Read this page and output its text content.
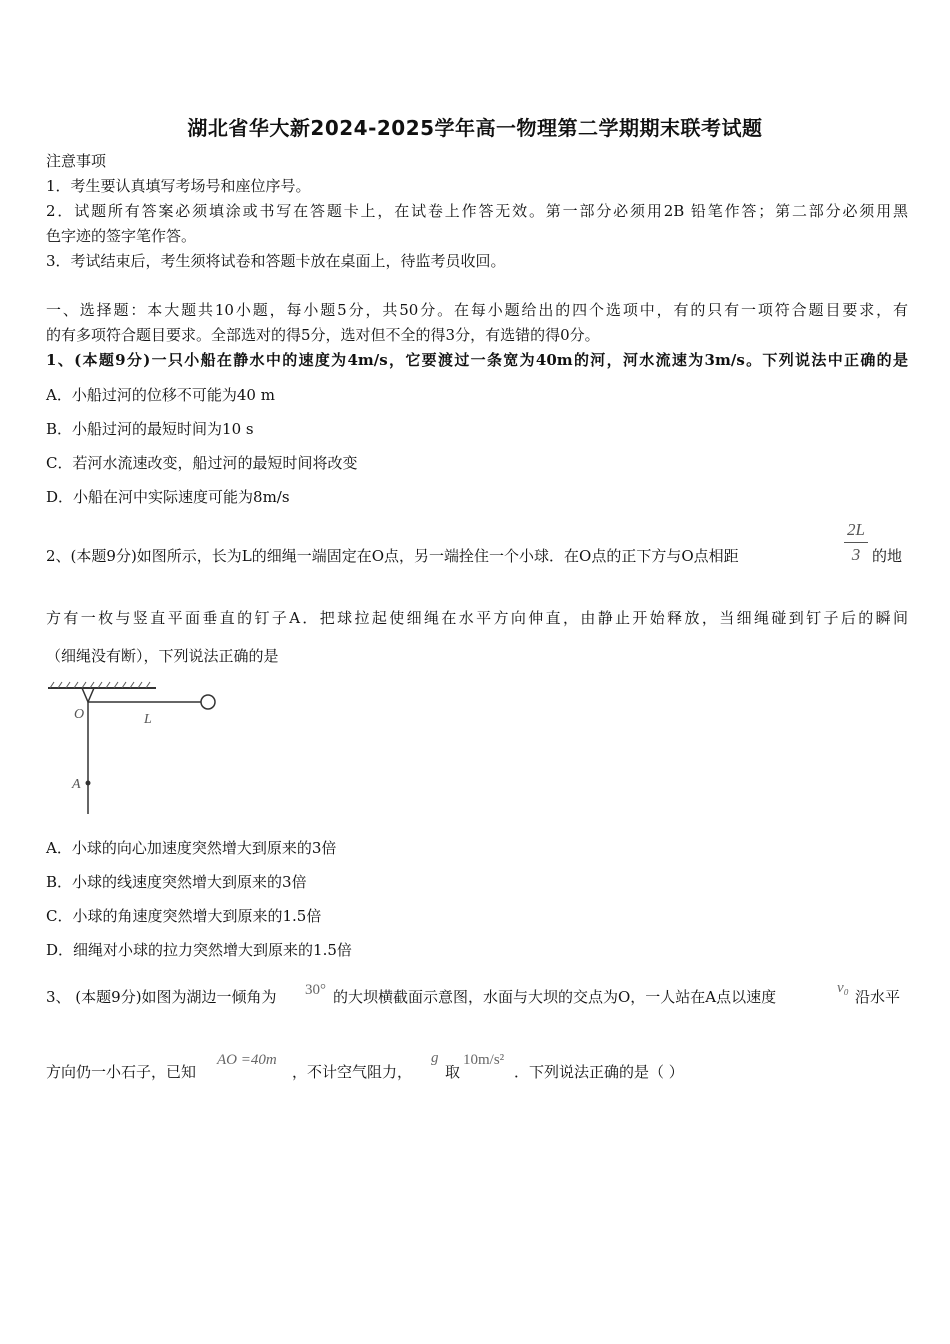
湖北省华大新2024-2025学年高一物理第二学期期末联考试题
注意事项
1．考生要认真填写考场号和座位序号。
2．试题所有答案必须填涂或书写在答题卡上，在试卷上作答无效。第一部分必须用2B 铅笔作答；第二部分必须用黑
色字迹的签字笔作答。
3．考试结束后，考生须将试卷和答题卡放在桌面上，待监考员收回。
一、选择题：本大题共10小题，每小题5分，共50分。在每小题给出的四个选项中，有的只有一项符合题目要求，有
的有多项符合题目要求。全部选对的得5分，选对但不全的得3分，有选错的得0分。
1、(本题9分)一只小船在静水中的速度为4m/s，它要渡过一条宽为40m的河，河水流速为3m/s。下列说法中正确的是
A．小船过河的位移不可能为40 m
B．小船过河的最短时间为10 s
C．若河水流速改变，船过河的最短时间将改变
D．小船在河中实际速度可能为8m/s
2、(本题9分)如图所示，长为L的细绳一端固定在O点，另一端拴住一个小球．在O点的正下方与O点相距
2L
3 的地
方有一枚与竖直平面垂直的钉子A．把球拉起使细绳在水平方向伸直，由静止开始释放，当细绳碰到钉子后的瞬间
（细绳没有断），下列说法正确的是
O	L
A
A．小球的向心加速度突然增大到原来的3倍
B．小球的线速度突然增大到原来的3倍
C．小球的角速度突然增大到原来的1.5倍
D．细绳对小球的拉力突然增大到原来的1.5倍
3、 (本题9分)如图为湖边一倾角为	30° 的大坝横截面示意图，水面与大坝的交点为O，一人站在A点以速度	v₀ 沿水平
方向仍一小石子，已知
AO =40m
，不计空气阻力，
g
取
10m/s²
．下列说法正确的是（ ）
